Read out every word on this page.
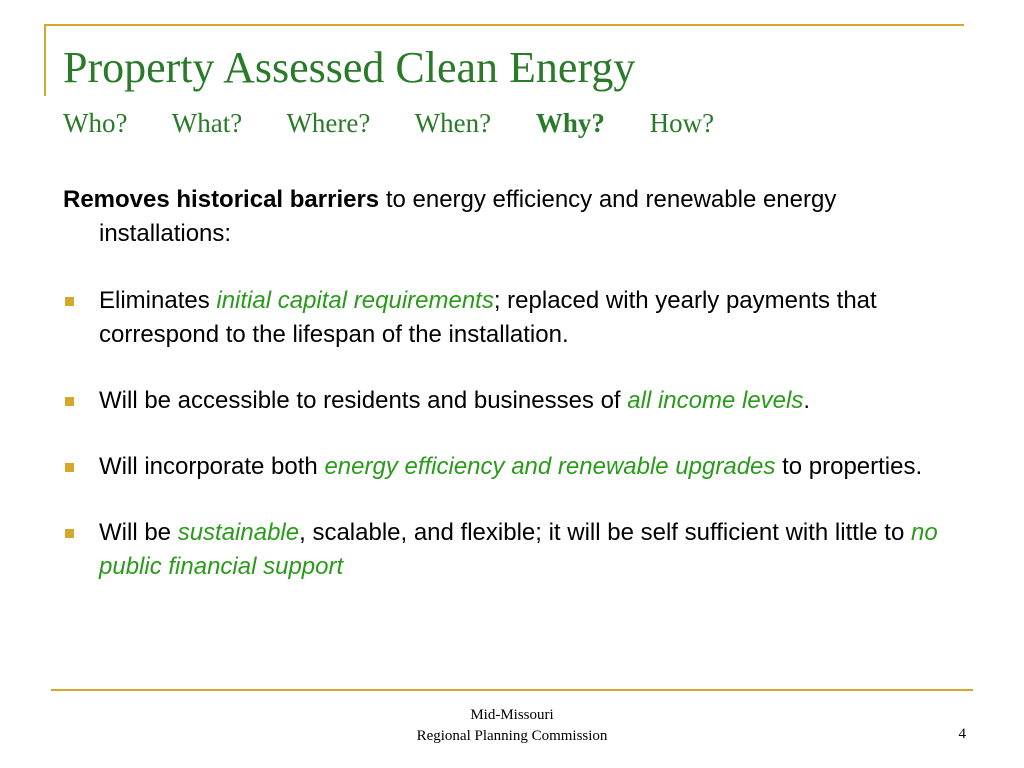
Property Assessed Clean Energy
Who? What? Where? When? Why? How?

Removes historical barriers to energy efficiency and renewable energy installations:

Eliminates initial capital requirements; replaced with yearly payments that correspond to the lifespan of the installation.
Will be accessible to residents and businesses of all income levels.
Will incorporate both energy efficiency and renewable upgrades to properties.
Will be sustainable, scalable, and flexible; it will be self sufficient with little to no public financial support
Mid-Missouri
Regional Planning Commission	4
